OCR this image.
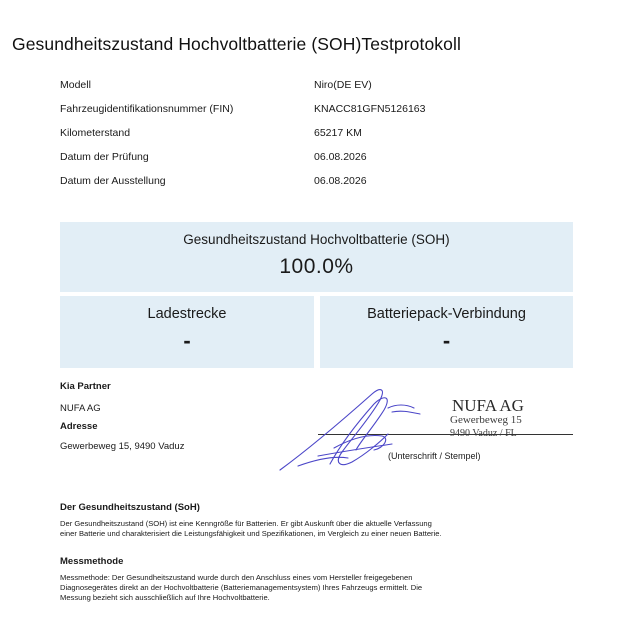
Gesundheitszustand Hochvoltbatterie (SOH)Testprotokoll
Modell	Niro(DE EV)
Fahrzeugidentifikationsnummer (FIN)	KNACC81GFN5126163
Kilometerstand	65217 KM
Datum der Prüfung	06.08.2026
Datum der Ausstellung	06.08.2026
Gesundheitszustand Hochvoltbatterie (SOH)
100.0%
Ladestrecke
-
Batteriepack-Verbindung
-
Kia Partner
NUFA AG
Adresse
Gewerbeweg 15, 9490 Vaduz
NUFA AG
Gewerbeweg 15
(Unterschrift / Stempel)
Der Gesundheitszustand (SoH)
Der Gesundheitszustand (SOH) ist eine Kenngröße für Batterien. Er gibt Auskunft über die aktuelle Verfassung
einer Batterie und charakterisiert die Leistungsfähigkeit und Spezifikationen, im Vergleich zu einer neuen Batterie.
Messmethode
Messmethode: Der Gesundheitszustand wurde durch den Anschluss eines vom Hersteller freigegebenen
Diagnosegerätes direkt an der Hochvoltbatterie (Batteriemanagementsystem) Ihres Fahrzeugs ermittelt. Die
Messung bezieht sich ausschließlich auf Ihre Hochvoltbatterie.
